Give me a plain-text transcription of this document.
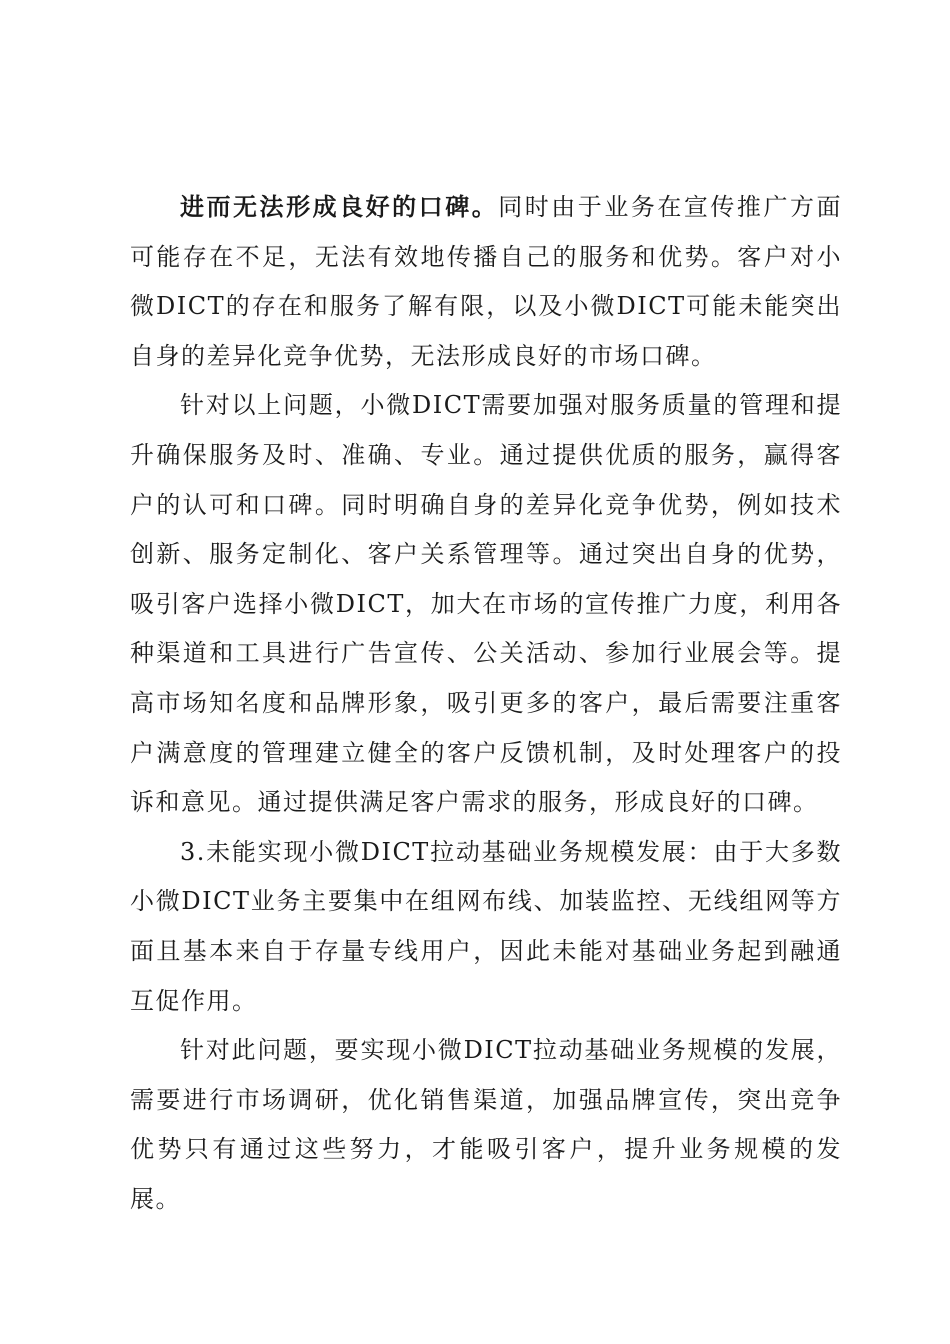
进而无法形成良好的口碑。同时由于业务在宣传推广方面可能存在不足，无法有效地传播自己的服务和优势。客户对小微DICT的存在和服务了解有限，以及小微DICT可能未能突出自身的差异化竞争优势，无法形成良好的市场口碑。

针对以上问题，小微DICT需要加强对服务质量的管理和提升确保服务及时、准确、专业。通过提供优质的服务，赢得客户的认可和口碑。同时明确自身的差异化竞争优势，例如技术创新、服务定制化、客户关系管理等。通过突出自身的优势，吸引客户选择小微DICT，加大在市场的宣传推广力度，利用各种渠道和工具进行广告宣传、公关活动、参加行业展会等。提高市场知名度和品牌形象，吸引更多的客户，最后需要注重客户满意度的管理建立健全的客户反馈机制，及时处理客户的投诉和意见。通过提供满足客户需求的服务，形成良好的口碑。

3.未能实现小微DICT拉动基础业务规模发展：由于大多数小微DICT业务主要集中在组网布线、加装监控、无线组网等方面且基本来自于存量专线用户，因此未能对基础业务起到融通互促作用。

针对此问题，要实现小微DICT拉动基础业务规模的发展，需要进行市场调研，优化销售渠道，加强品牌宣传，突出竞争优势只有通过这些努力，才能吸引客户，提升业务规模的发展。
